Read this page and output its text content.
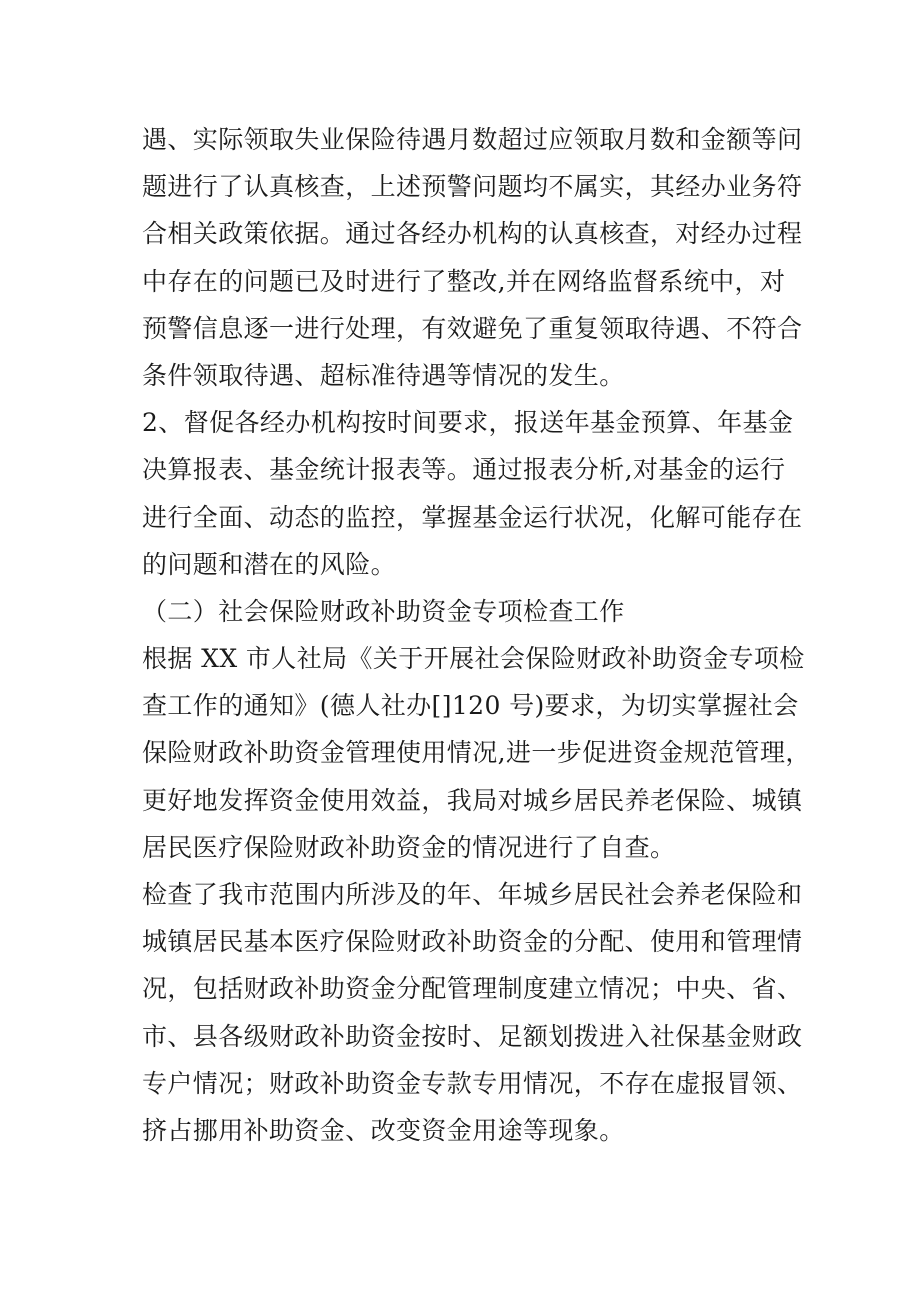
遇、实际领取失业保险待遇月数超过应领取月数和金额等问
题进行了认真核查，上述预警问题均不属实，其经办业务符
合相关政策依据。通过各经办机构的认真核查，对经办过程
中存在的问题已及时进行了整改,并在网络监督系统中，对
预警信息逐一进行处理，有效避免了重复领取待遇、不符合
条件领取待遇、超标准待遇等情况的发生。
2、督促各经办机构按时间要求，报送年基金预算、年基金
决算报表、基金统计报表等。通过报表分析,对基金的运行
进行全面、动态的监控，掌握基金运行状况，化解可能存在
的问题和潜在的风险。
（二）社会保险财政补助资金专项检查工作
根据 XX 市人社局《关于开展社会保险财政补助资金专项检
查工作的通知》(德人社办[]120 号)要求，为切实掌握社会
保险财政补助资金管理使用情况,进一步促进资金规范管理，
更好地发挥资金使用效益，我局对城乡居民养老保险、城镇
居民医疗保险财政补助资金的情况进行了自查。
检查了我市范围内所涉及的年、年城乡居民社会养老保险和
城镇居民基本医疗保险财政补助资金的分配、使用和管理情
况，包括财政补助资金分配管理制度建立情况；中央、省、
市、县各级财政补助资金按时、足额划拨进入社保基金财政
专户情况；财政补助资金专款专用情况，不存在虚报冒领、
挤占挪用补助资金、改变资金用途等现象。
